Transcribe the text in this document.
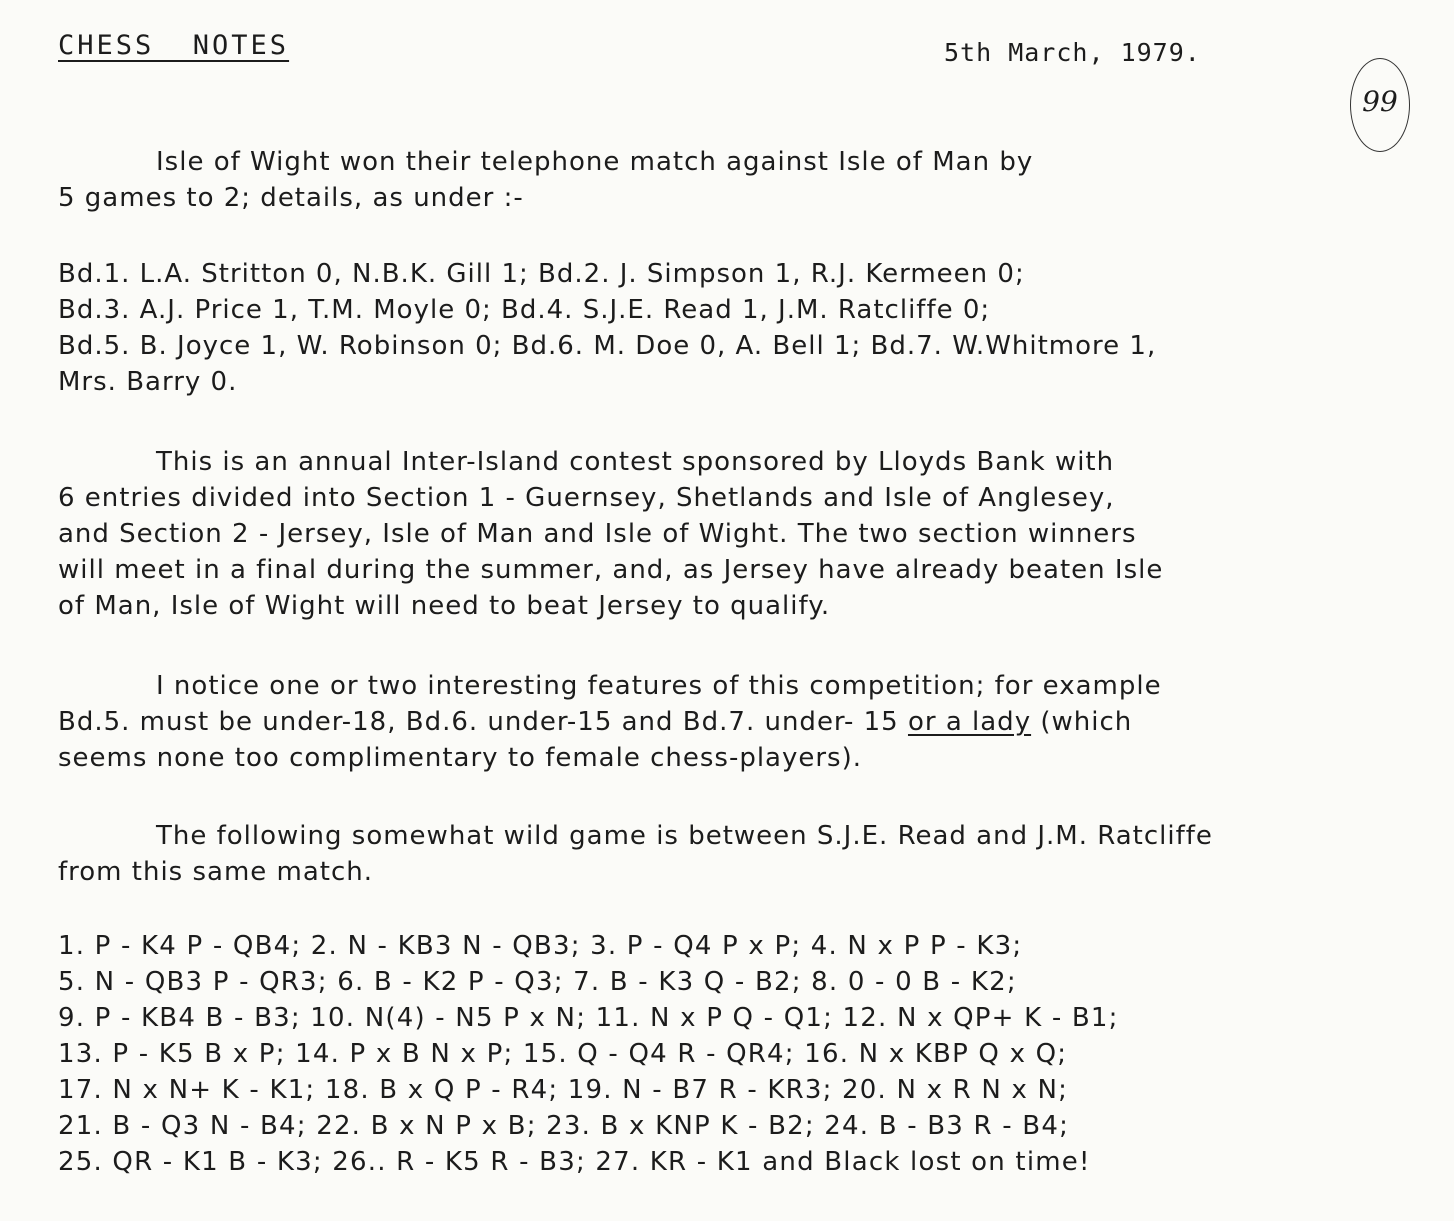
CHESS  NOTES	5th March, 1979.
99
Isle of Wight won their telephone match against Isle of Man by
5 games to 2; details, as under :-
Bd.1. L.A. Stritton 0, N.B.K. Gill 1; Bd.2. J. Simpson 1, R.J. Kermeen 0;
Bd.3. A.J. Price 1, T.M. Moyle 0; Bd.4. S.J.E. Read 1, J.M. Ratcliffe 0;
Bd.5. B. Joyce 1, W. Robinson 0; Bd.6. M. Doe 0, A. Bell 1; Bd.7. W.Whitmore 1,
Mrs. Barry 0.
This is an annual Inter-Island contest sponsored by Lloyds Bank with
6 entries divided into Section 1 - Guernsey, Shetlands and Isle of Anglesey,
and Section 2 - Jersey, Isle of Man and Isle of Wight. The two section winners
will meet in a final during the summer, and, as Jersey have already beaten Isle
of Man, Isle of Wight will need to beat Jersey to qualify.
I notice one or two interesting features of this competition; for example
Bd.5. must be under-18, Bd.6. under-15 and Bd.7. under- 15 or a lady (which
seems none too complimentary to female chess-players).
The following somewhat wild game is between S.J.E. Read and J.M. Ratcliffe
from this same match.
1. P - K4 P - QB4; 2. N - KB3 N - QB3; 3. P - Q4 P x P; 4. N x P P - K3;
5. N - QB3 P - QR3; 6. B - K2 P - Q3; 7. B - K3 Q - B2; 8. 0 - 0 B - K2;
9. P - KB4 B - B3; 10. N(4) - N5 P x N; 11. N x P Q - Q1; 12. N x QP+ K - B1;
13. P - K5 B x P; 14. P x B N x P; 15. Q - Q4 R - QR4; 16. N x KBP Q x Q;
17. N x N+ K - K1; 18. B x Q P - R4; 19. N - B7 R - KR3; 20. N x R N x N;
21. B - Q3 N - B4; 22. B x N P x B; 23. B x KNP K - B2; 24. B - B3 R - B4;
25. QR - K1 B - K3; 26.. R - K5 R - B3; 27. KR - K1 and Black lost on time!
